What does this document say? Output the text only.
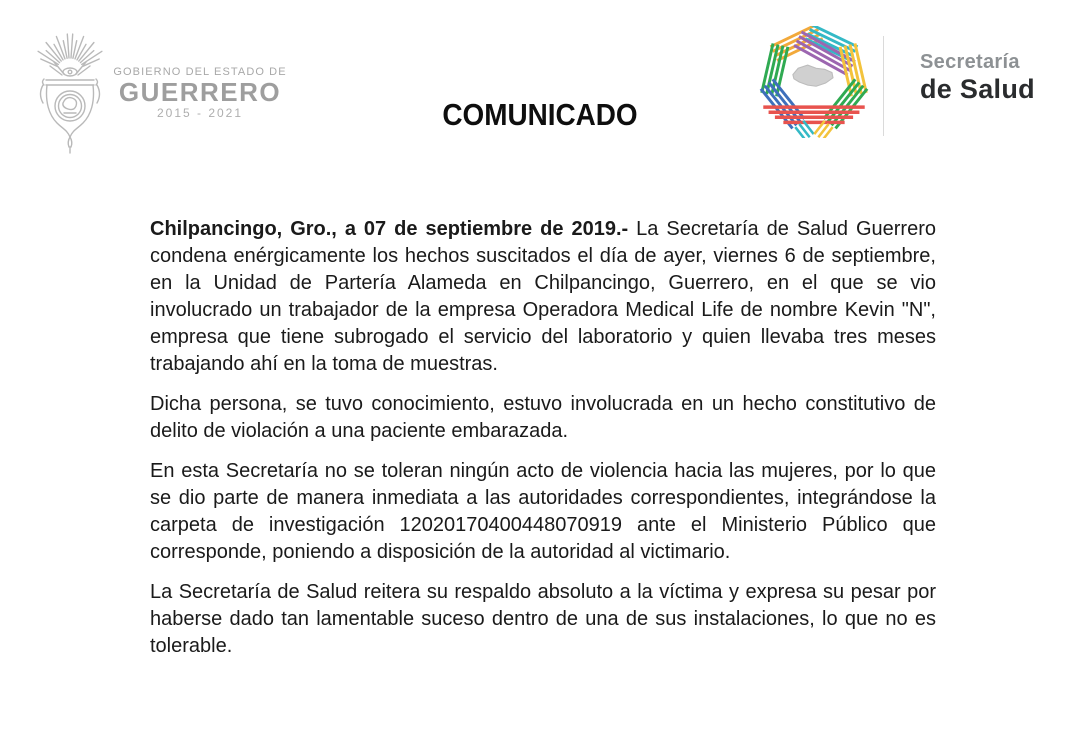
GOBIERNO DEL ESTADO DE
GUERRERO
2015 - 2021	COMUNICADO
Secretaría
de Salud

Chilpancingo, Gro., a 07 de septiembre de 2019.- La Secretaría de Salud Guerrero condena enérgicamente los hechos suscitados el día de ayer, viernes 6 de septiembre, en la Unidad de Partería Alameda en Chilpancingo, Guerrero, en el que se vio involucrado un trabajador de la empresa Operadora Medical Life de nombre Kevin "N", empresa que tiene subrogado el servicio del laboratorio y quien llevaba tres meses trabajando ahí en la toma de muestras.

Dicha persona, se tuvo conocimiento, estuvo involucrada en un hecho constitutivo de delito de violación a una paciente embarazada.

En esta Secretaría no se toleran ningún acto de violencia hacia las mujeres, por lo que se dio parte de manera inmediata a las autoridades correspondientes, integrándose la carpeta de investigación 12020170400448070919 ante el Ministerio Público que corresponde, poniendo a disposición de la autoridad al victimario.

La Secretaría de Salud reitera su respaldo absoluto a la víctima y expresa su pesar por haberse dado tan lamentable suceso dentro de una de sus instalaciones, lo que no es tolerable.
